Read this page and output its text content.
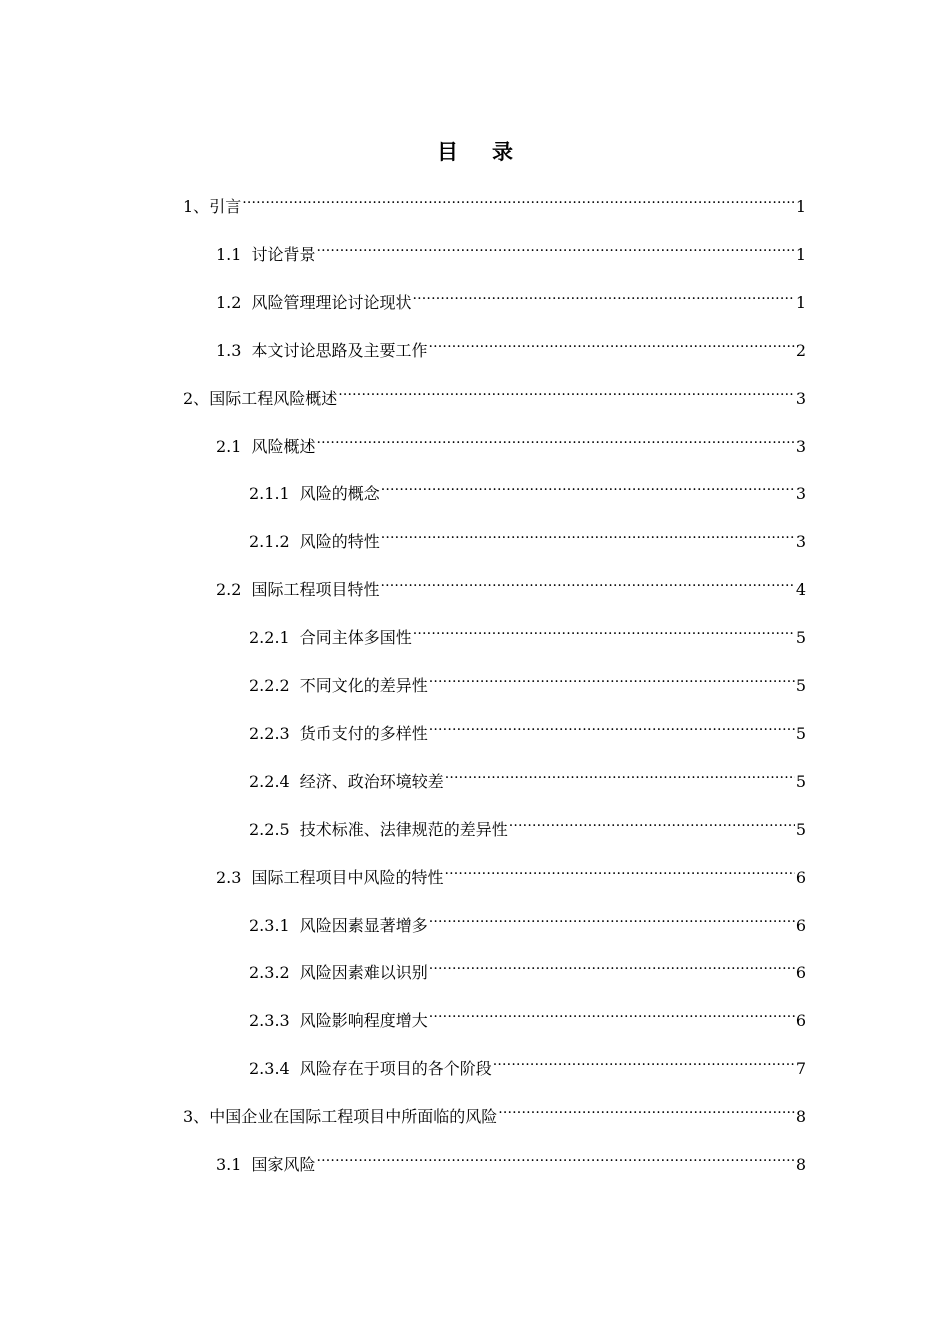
目录
1、 引言 .....	1
1.1 讨论背景 .....	1
1.2 风险管理理论讨论现状 .....	1
1.3 本文讨论思路及主要工作 .....	2
2、 国际工程风险概述 .....	3
2.1 风险概述 .....	3
2.1.1 风险的概念 .....	3
2.1.2 风险的特性 .....	3
2.2 国际工程项目特性 .....	4
2.2.1 合同主体多国性 .....	5
2.2.2 不同文化的差异性 .....	5
2.2.3 货币支付的多样性 .....	5
2.2.4 经济、政治环境较差 .....	5
2.2.5 技术标准、法律规范的差异性 .....	5
2.3 国际工程项目中风险的特性 .....	6
2.3.1 风险因素显著增多 .....	6
2.3.2 风险因素难以识别 .....	6
2.3.3 风险影响程度增大 .....	6
2.3.4 风险存在于项目的各个阶段 .....	7
3、 中国企业在国际工程项目中所面临的风险 .....	8
3.1 国家风险 .....	8
